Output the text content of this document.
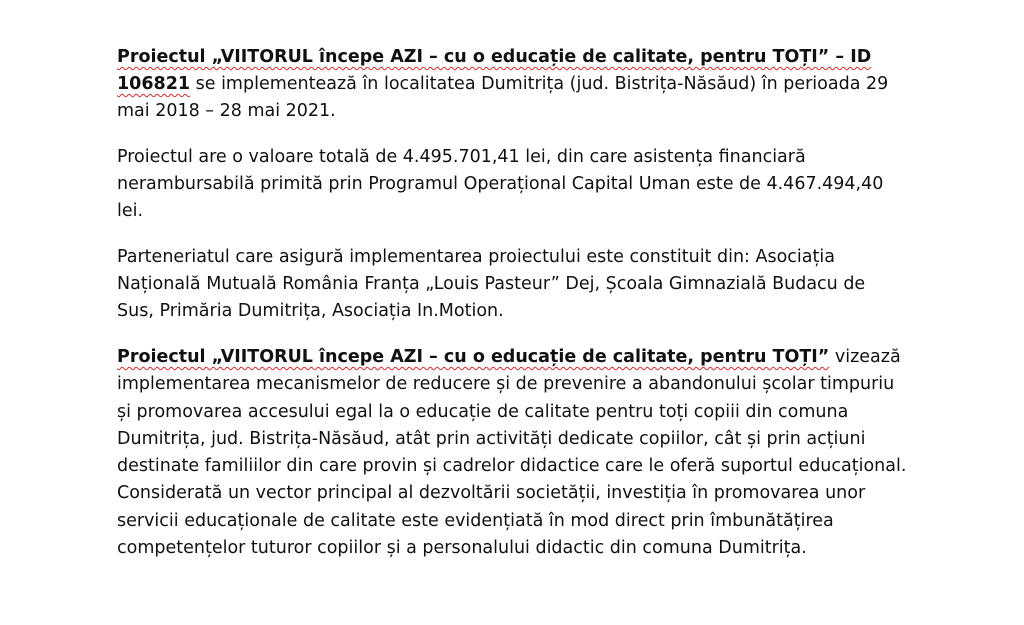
Proiectul „VIITORUL începe AZI – cu o educație de calitate, pentru TOȚI” – ID 106821 se implementează în localitatea Dumitrița (jud. Bistrița-Năsăud) în perioada 29 mai 2018 – 28 mai 2021.

Proiectul are o valoare totală de 4.495.701,41 lei, din care asistența financiară nerambursabilă primită prin Programul Operațional Capital Uman este de 4.467.494,40 lei.

Parteneriatul care asigură implementarea proiectului este constituit din: Asociația Națională Mutuală România Franța „Louis Pasteur” Dej, Școala Gimnazială Budacu de Sus, Primăria Dumitrița, Asociația In.Motion.

Proiectul „VIITORUL începe AZI – cu o educație de calitate, pentru TOȚI” vizează implementarea mecanismelor de reducere și de prevenire a abandonului școlar timpuriu și promovarea accesului egal la o educație de calitate pentru toți copiii din comuna Dumitrița, jud. Bistrița-Năsăud, atât prin activități dedicate copiilor, cât și prin acțiuni destinate familiilor din care provin și cadrelor didactice care le oferă suportul educațional. Considerată un vector principal al dezvoltării societății, investiția în promovarea unor servicii educaționale de calitate este evidențiată în mod direct prin îmbunătățirea competențelor tuturor copiilor și a personalului didactic din comuna Dumitrița.
